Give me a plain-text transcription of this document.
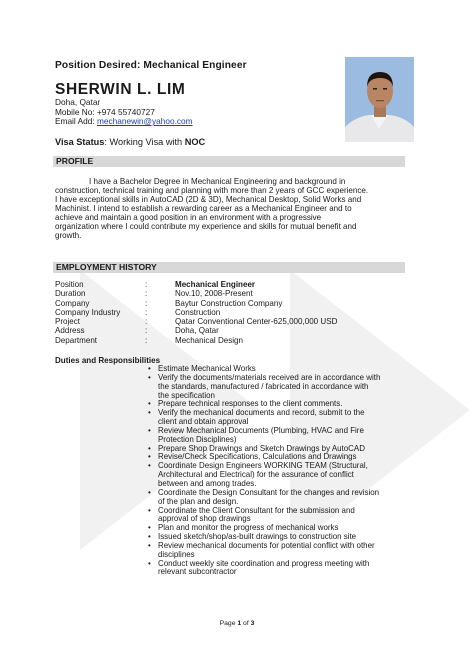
Position Desired: Mechanical Engineer
SHERWIN L. LIM
Doha, Qatar
Mobile No: +974 55740727
Email Add: mechanewin@yahoo.com
Visa Status: Working Visa with NOC
PROFILE
I have a Bachelor Degree in Mechanical Engineering and background in
construction, technical training and planning with more than 2 years of GCC experience.
I have exceptional skills in AutoCAD (2D & 3D), Mechanical Desktop, Solid Works and
Machinist. I intend to establish a rewarding career as a Mechanical Engineer and to
achieve and maintain a good position in an environment with a progressive
organization where I could contribute my experience and skills for mutual benefit and
growth.
EMPLOYMENT HISTORY
Position	:	Mechanical Engineer
Duration	:	Nov.10, 2008-Present
Company	:	Baytur Construction Company
Company Industry	:	Construction
Project	:	Qatar Conventional Center-625,000,000 USD
Address	:	Doha, Qatar
Department	:	Mechanical Design
Duties and Responsibilities
• Estimate Mechanical Works
• Verify the documents/materials received are in accordance with
the standards, manufactured / fabricated in accordance with
the specification
• Prepare technical responses to the client comments.
• Verify the mechanical documents and record, submit to the
client and obtain approval
• Review Mechanical Documents (Plumbing, HVAC and Fire
Protection Disciplines)
• Prepare Shop Drawings and Sketch Drawings by AutoCAD
• Revise/Check Specifications, Calculations and Drawings
• Coordinate Design Engineers WORKING TEAM (Structural,
Architectural and Electrical) for the assurance of conflict
between and among trades.
• Coordinate the Design Consultant for the changes and revision
of the plan and design.
• Coordinate the Client Consultant for the submission and
approval of shop drawings
• Plan and monitor the progress of mechanical works
• Issued sketch/shop/as-built drawings to construction site
• Review mechanical documents for potential conflict with other
disciplines
• Conduct weekly site coordination and progress meeting with
relevant subcontractor
Page 1 of 3
